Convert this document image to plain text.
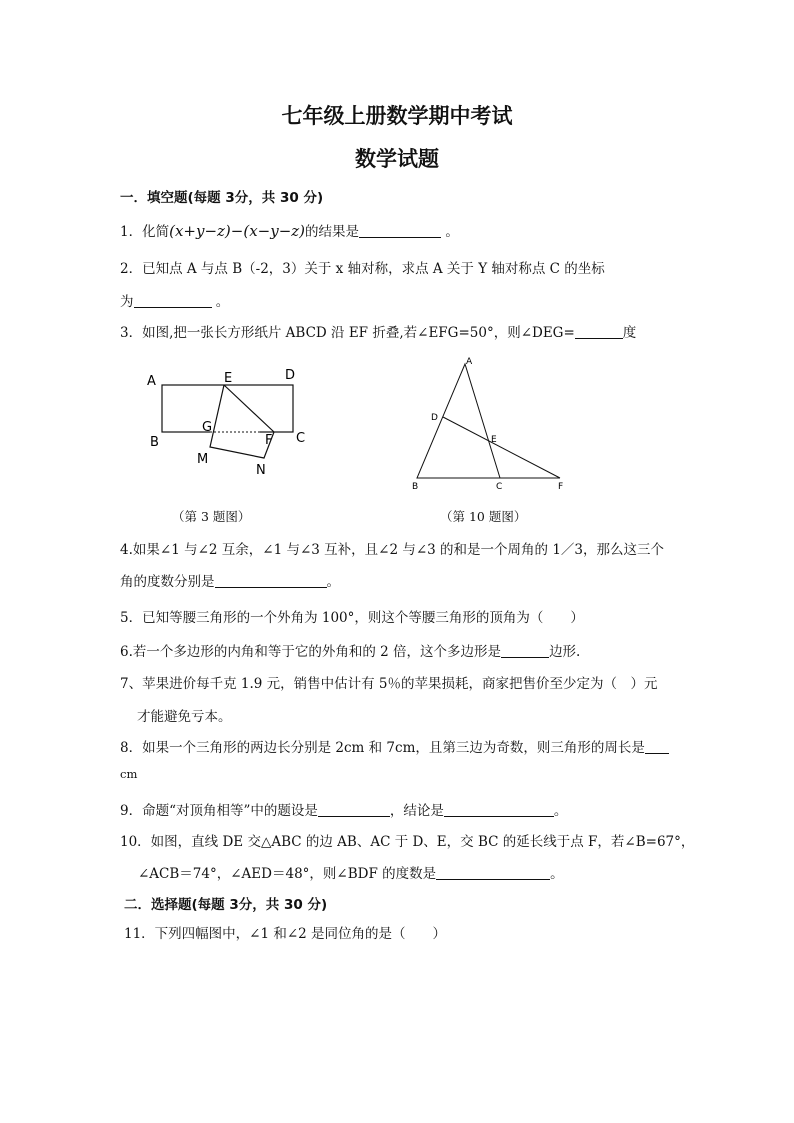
七年级上册数学期中考试
数学试题
一．填空题(每题 3分，共 30 分)
1．化简(x+y−z)−(x−y−z)的结果是	。
2．已知点 A 与点 B（-2，3）关于 x 轴对称，求点 A 关于 Y 轴对称点 C 的坐标
为	。
3．如图,把一张长方形纸片 ABCD 沿 EF 折叠,若∠EFG=50°，则∠DEG=	度
A	E	D
B
G
F C
M
N
（第 3 题图）
A
D
E
B	C	F
（第 10 题图）
4.如果∠1 与∠2 互余，∠1 与∠3 互补，且∠2 与∠3 的和是一个周角的 1／3，那么这三个
角的度数分别是	。
5．已知等腰三角形的一个外角为 100°，则这个等腰三角形的顶角为（　　）
6.若一个多边形的内角和等于它的外角和的 2 倍，这个多边形是	边形.
7、苹果进价每千克 1.9 元，销售中估计有 5％的苹果损耗，商家把售价至少定为（　）元
才能避免亏本。
8．如果一个三角形的两边长分别是 2cm 和 7cm，且第三边为奇数，则三角形的周长是
cm
9．命题“对顶角相等”中的题设是	，结论是	。
10．如图，直线 DE 交△ABC 的边 AB、AC 于 D、E，交 BC 的延长线于点 F，若∠B=67°，
∠ACB＝74°，∠AED＝48°，则∠BDF 的度数是	。
二．选择题(每题 3分，共 30 分)
11．下列四幅图中，∠1 和∠2 是同位角的是（　　）
